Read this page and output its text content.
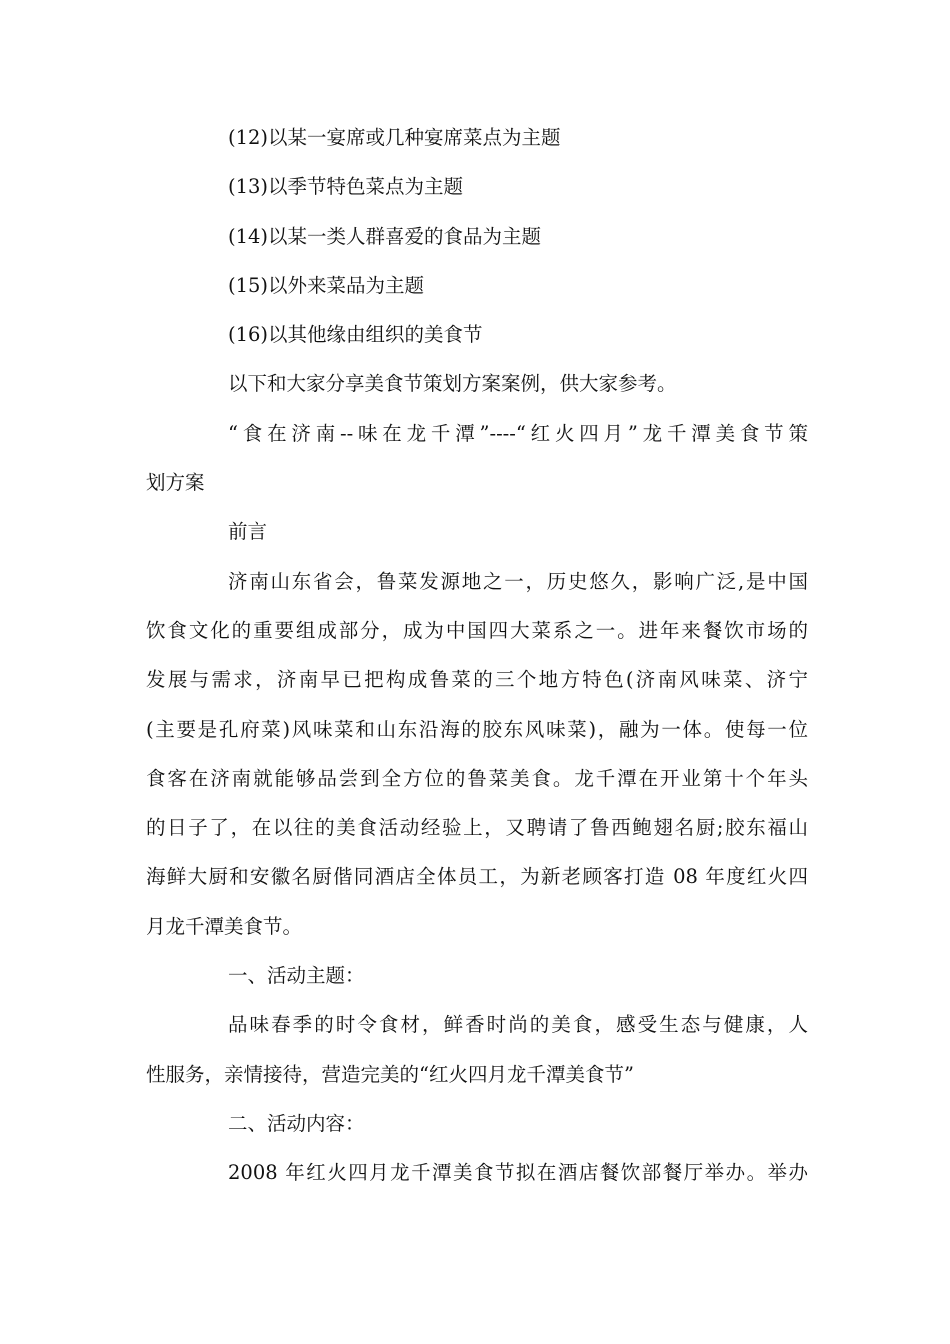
(12)以某一宴席或几种宴席菜点为主题

(13)以季节特色菜点为主题

(14)以某一类人群喜爱的食品为主题

(15)以外来菜品为主题

(16)以其他缘由组织的美食节

以下和大家分享美食节策划方案案例，供大家参考。

“食在济南--味在龙千潭”----“红火四月”龙千潭美食节策

划方案

前言

济南山东省会，鲁菜发源地之一，历史悠久，影响广泛,是中国

饮食文化的重要组成部分，成为中国四大菜系之一。进年来餐饮市场的

发展与需求，济南早已把构成鲁菜的三个地方特色(济南风味菜、济宁

(主要是孔府菜)风味菜和山东沿海的胶东风味菜)，融为一体。使每一位

食客在济南就能够品尝到全方位的鲁菜美食。龙千潭在开业第十个年头

的日子了，在以往的美食活动经验上，又聘请了鲁西鲍翅名厨;胶东福山

海鲜大厨和安徽名厨偕同酒店全体员工，为新老顾客打造 08 年度红火四

月龙千潭美食节。

一、活动主题：

品味春季的时令食材，鲜香时尚的美食，感受生态与健康，人

性服务，亲情接待，营造完美的“红火四月龙千潭美食节”

二、活动内容：

2008 年红火四月龙千潭美食节拟在酒店餐饮部餐厅举办。举办
